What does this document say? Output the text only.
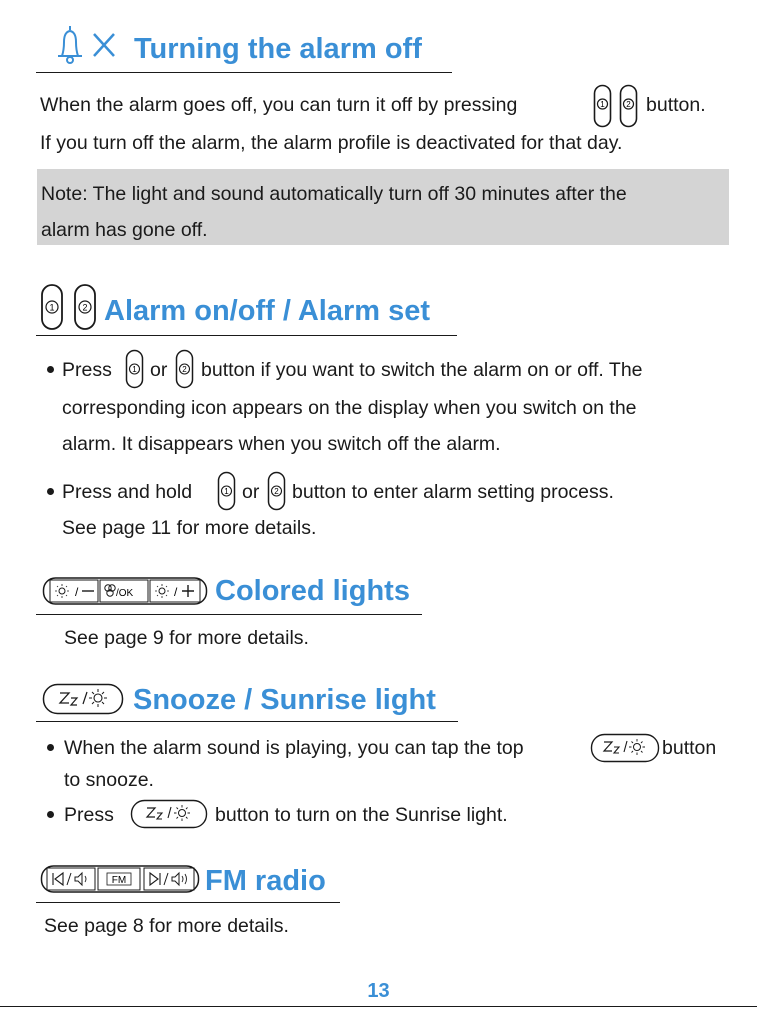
Turning the alarm off
When the alarm goes off, you can turn it off by pressing	1	2 button.
If you turn off the alarm, the alarm profile is deactivated for that day.
Note: The light and sound automatically turn off 30 minutes after the
alarm has gone off.
1	2 Alarm on/off / Alarm set
Press	1 or 2 button if you want to switch the alarm on or off. The
corresponding icon appears on the display when you switch on the
alarm. It disappears when you switch off the alarm.
Press and hold	1 or 2 button to enter alarm setting process.
See page 11 for more details.
/	/OK	/ Colored lights
See page 9 for more details.
Snooze / Sunrise light
When the alarm sound is playing, you can tap the top	button
to snooze.
Press	button to turn on the Sunrise light.
FM	FM radio
See page 8 for more details.
13
